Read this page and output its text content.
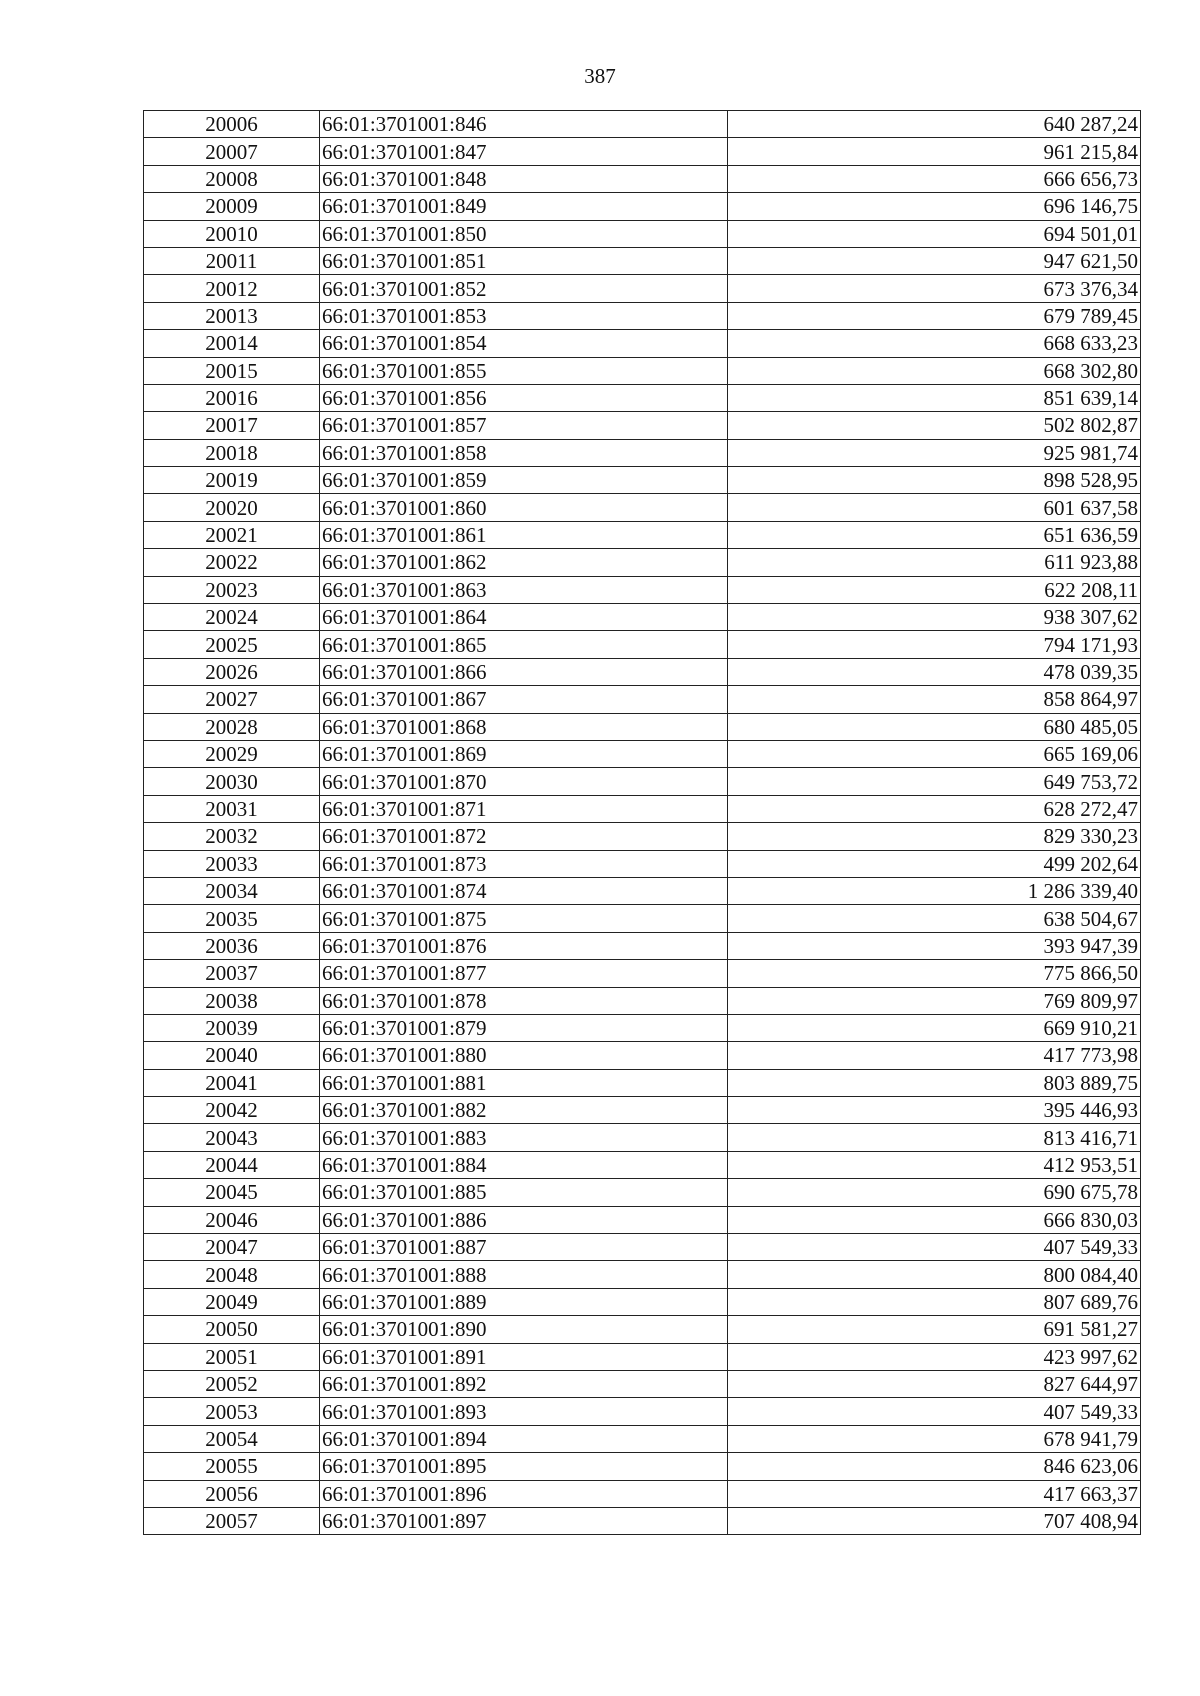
387
20006	66:01:3701001:846	640 287,24
20007	66:01:3701001:847	961 215,84
20008	66:01:3701001:848	666 656,73
20009	66:01:3701001:849	696 146,75
20010	66:01:3701001:850	694 501,01
20011	66:01:3701001:851	947 621,50
20012	66:01:3701001:852	673 376,34
20013	66:01:3701001:853	679 789,45
20014	66:01:3701001:854	668 633,23
20015	66:01:3701001:855	668 302,80
20016	66:01:3701001:856	851 639,14
20017	66:01:3701001:857	502 802,87
20018	66:01:3701001:858	925 981,74
20019	66:01:3701001:859	898 528,95
20020	66:01:3701001:860	601 637,58
20021	66:01:3701001:861	651 636,59
20022	66:01:3701001:862	611 923,88
20023	66:01:3701001:863	622 208,11
20024	66:01:3701001:864	938 307,62
20025	66:01:3701001:865	794 171,93
20026	66:01:3701001:866	478 039,35
20027	66:01:3701001:867	858 864,97
20028	66:01:3701001:868	680 485,05
20029	66:01:3701001:869	665 169,06
20030	66:01:3701001:870	649 753,72
20031	66:01:3701001:871	628 272,47
20032	66:01:3701001:872	829 330,23
20033	66:01:3701001:873	499 202,64
20034	66:01:3701001:874	1 286 339,40
20035	66:01:3701001:875	638 504,67
20036	66:01:3701001:876	393 947,39
20037	66:01:3701001:877	775 866,50
20038	66:01:3701001:878	769 809,97
20039	66:01:3701001:879	669 910,21
20040	66:01:3701001:880	417 773,98
20041	66:01:3701001:881	803 889,75
20042	66:01:3701001:882	395 446,93
20043	66:01:3701001:883	813 416,71
20044	66:01:3701001:884	412 953,51
20045	66:01:3701001:885	690 675,78
20046	66:01:3701001:886	666 830,03
20047	66:01:3701001:887	407 549,33
20048	66:01:3701001:888	800 084,40
20049	66:01:3701001:889	807 689,76
20050	66:01:3701001:890	691 581,27
20051	66:01:3701001:891	423 997,62
20052	66:01:3701001:892	827 644,97
20053	66:01:3701001:893	407 549,33
20054	66:01:3701001:894	678 941,79
20055	66:01:3701001:895	846 623,06
20056	66:01:3701001:896	417 663,37
20057	66:01:3701001:897	707 408,94
